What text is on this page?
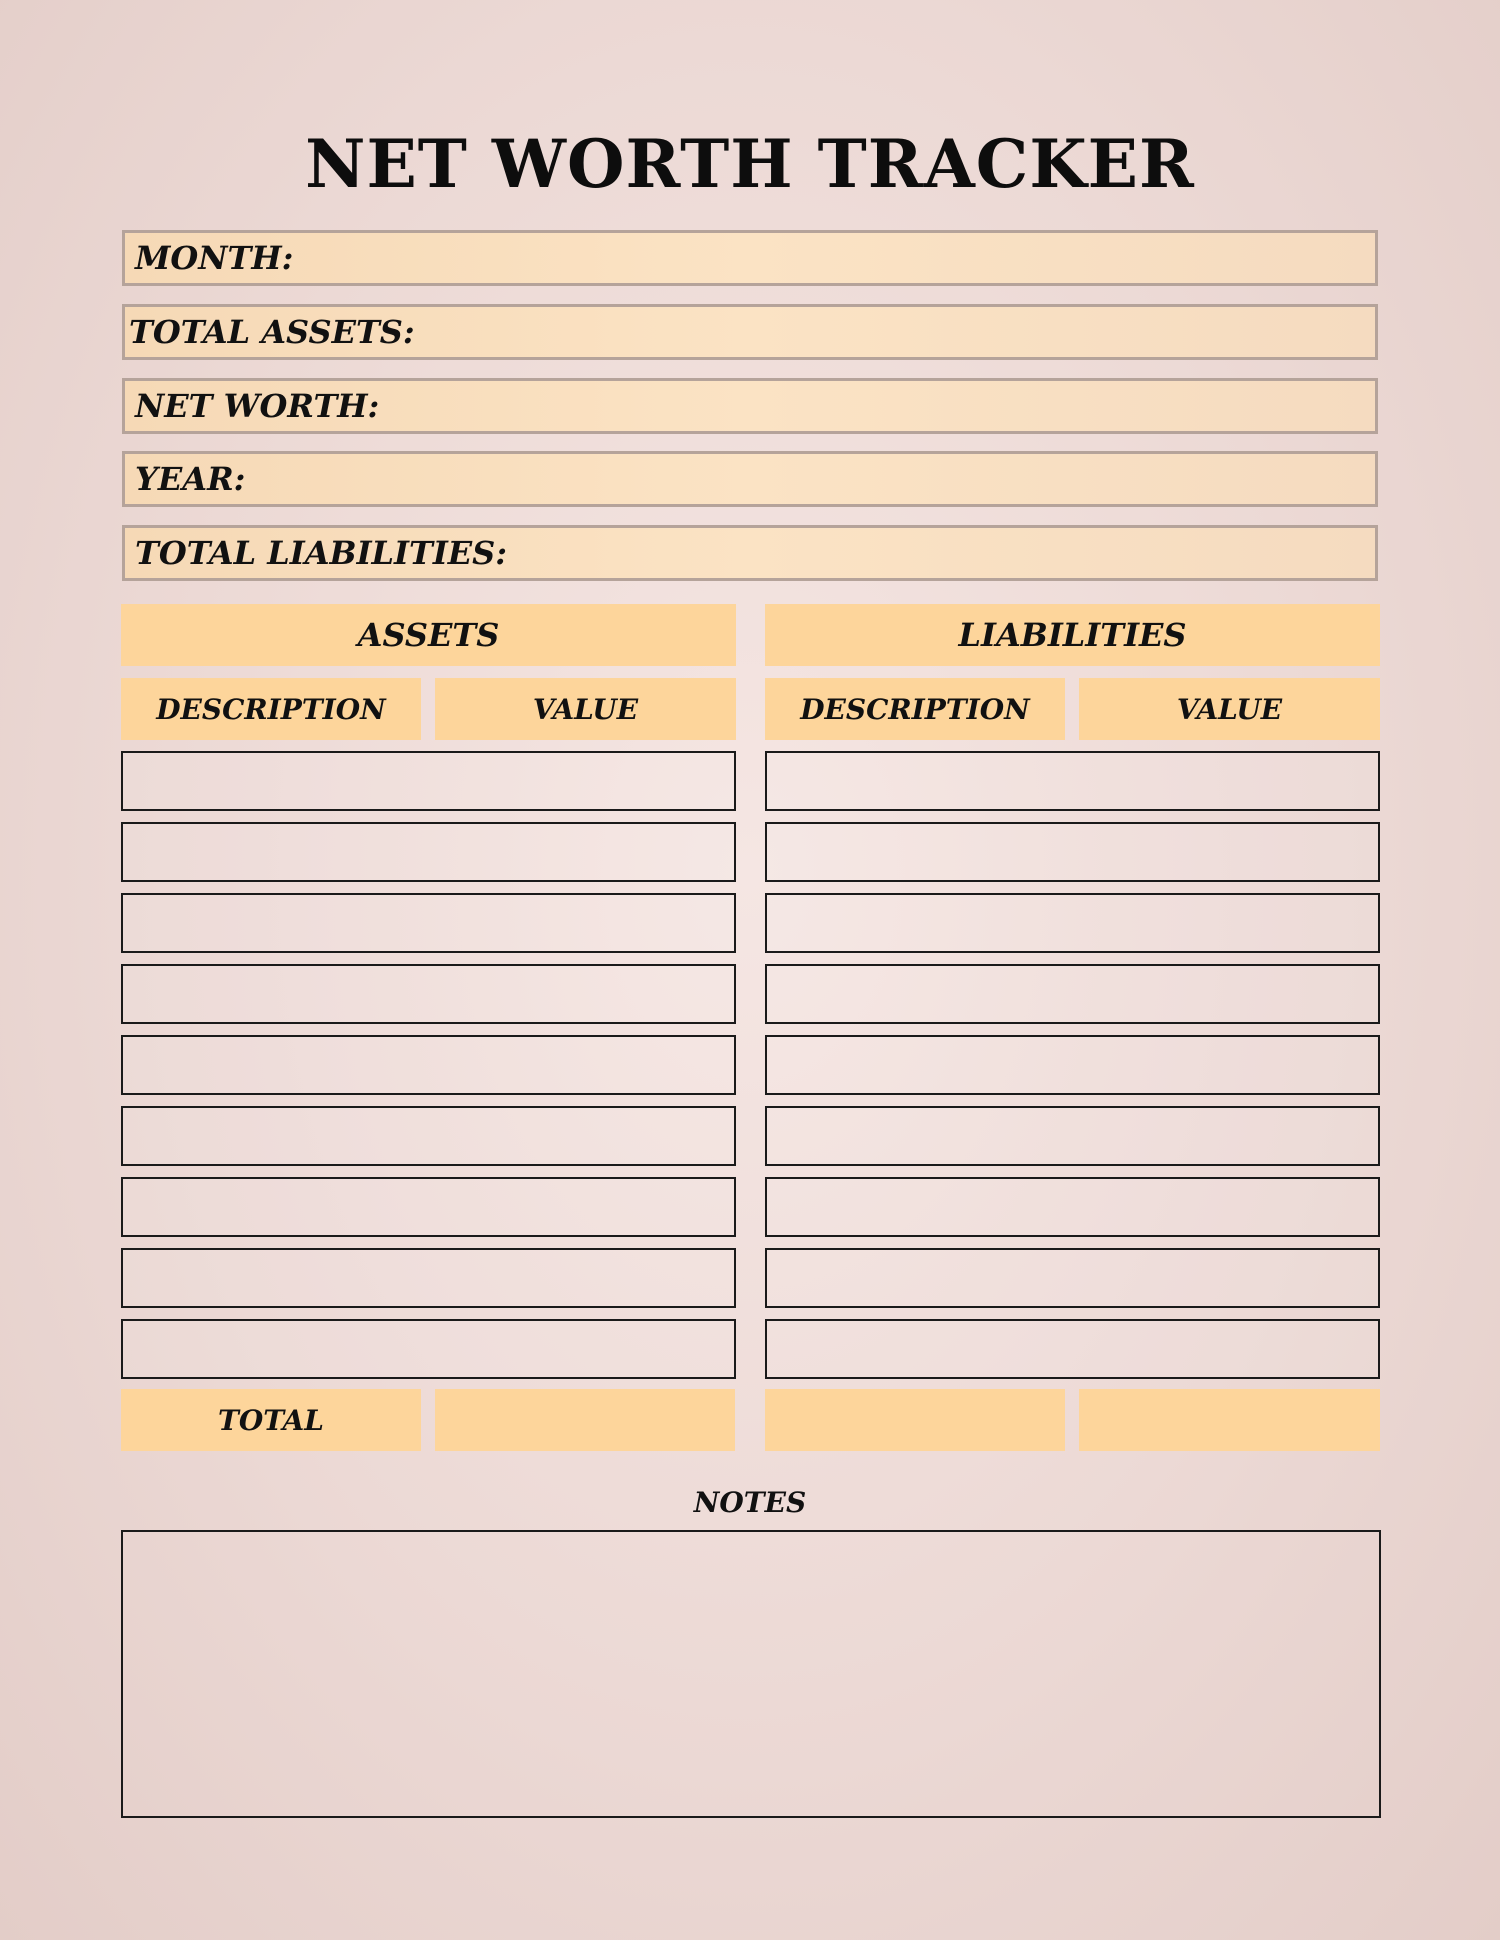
NET WORTH TRACKER
MONTH:
TOTAL ASSETS:
NET WORTH:
YEAR:
TOTAL LIABILITIES:
ASSETS	LIABILITIES
DESCRIPTION	VALUE	DESCRIPTION	VALUE
TOTAL
NOTES
